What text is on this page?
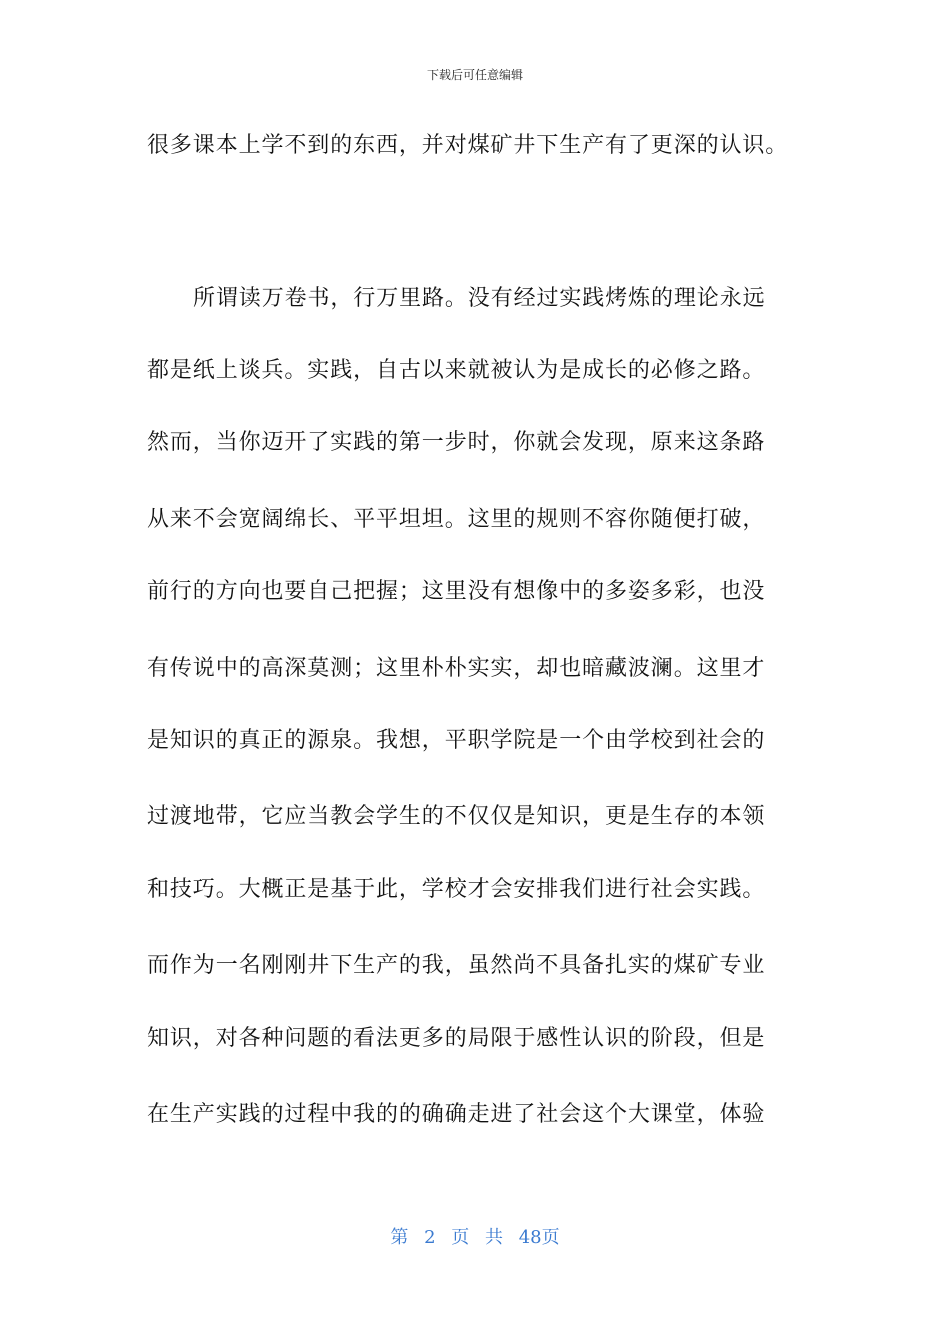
下载后可任意编辑
很多课本上学不到的东西，并对煤矿井下生产有了更深的认识。
所谓读万卷书，行万里路。没有经过实践烤炼的理论永远
都是纸上谈兵。实践，自古以来就被认为是成长的必修之路。
然而，当你迈开了实践的第一步时，你就会发现，原来这条路
从来不会宽阔绵长、平平坦坦。这里的规则不容你随便打破，
前行的方向也要自己把握；这里没有想像中的多姿多彩，也没
有传说中的高深莫测；这里朴朴实实，却也暗藏波澜。这里才
是知识的真正的源泉。我想，平职学院是一个由学校到社会的
过渡地带，它应当教会学生的不仅仅是知识，更是生存的本领
和技巧。大概正是基于此，学校才会安排我们进行社会实践。
而作为一名刚刚井下生产的我，虽然尚不具备扎实的煤矿专业
知识，对各种问题的看法更多的局限于感性认识的阶段，但是
在生产实践的过程中我的的确确走进了社会这个大课堂，体验
第 2 页 共 48页
